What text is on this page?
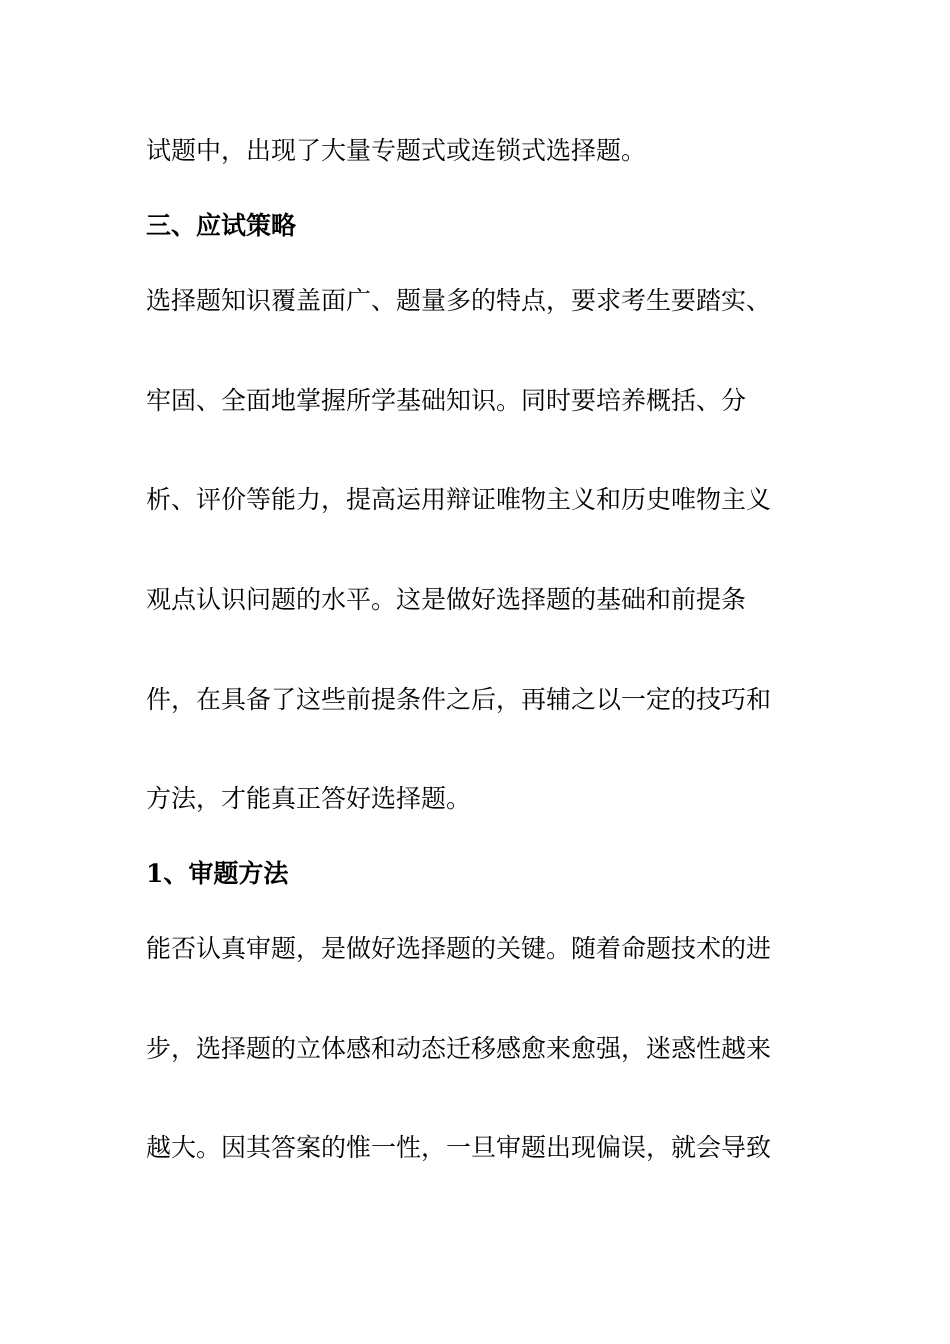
试题中，出现了大量专题式或连锁式选择题。
三、应试策略
选择题知识覆盖面广、题量多的特点，要求考生要踏实、
牢固、全面地掌握所学基础知识。同时要培养概括、分
析、评价等能力，提高运用辩证唯物主义和历史唯物主义
观点认识问题的水平。这是做好选择题的基础和前提条
件，在具备了这些前提条件之后，再辅之以一定的技巧和
方法，才能真正答好选择题。
1、审题方法
能否认真审题，是做好选择题的关键。随着命题技术的进
步，选择题的立体感和动态迁移感愈来愈强，迷惑性越来
越大。因其答案的惟一性，一旦审题出现偏误，就会导致
